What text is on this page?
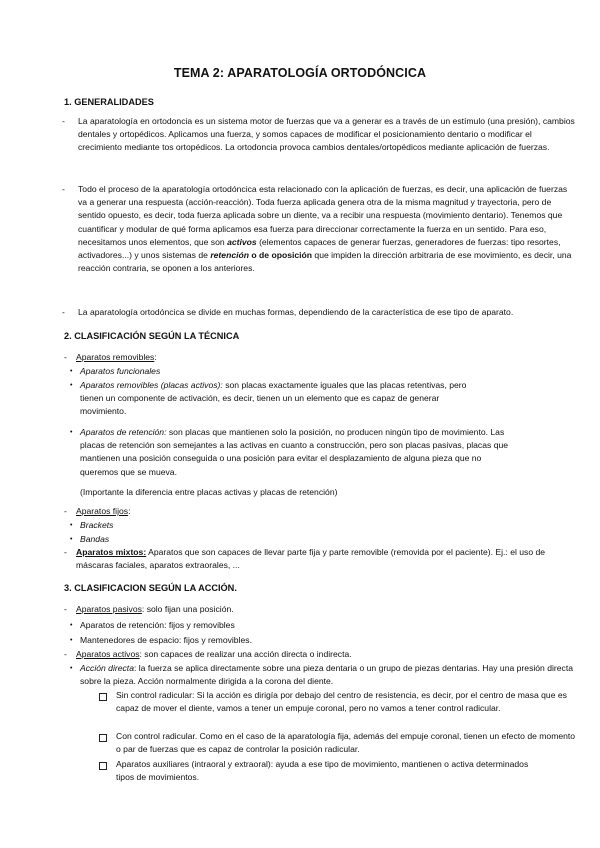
TEMA 2: APARATOLOGÍA ORTODÓNCICA
1. GENERALIDADES
-	La aparatología en ortodoncia es un sistema motor de fuerzas que va a generar es a través de un estímulo (una presión), cambios dentales y ortopédicos. Aplicamos una fuerza, y somos capaces de modificar el posicionamiento dentario o modificar el crecimiento mediante tos ortopédicos. La ortodoncia provoca cambios dentales/ortopédicos mediante aplicación de fuerzas.
-	Todo el proceso de la aparatología ortodóncica esta relacionado con la aplicación de fuerzas, es decir, una aplicación de fuerzas va a generar una respuesta (acción-reacción). Toda fuerza aplicada genera otra de la misma magnitud y trayectoria, pero de sentido opuesto, es decir, toda fuerza aplicada sobre un diente, va a recibir una respuesta (movimiento dentario). Tenemos que cuantificar y modular de qué forma aplicamos esa fuerza para direccionar correctamente la fuerza en un sentido. Para eso, necesitamos unos elementos, que son activos (elementos capaces de generar fuerzas, generadores de fuerzas: tipo resortes, activadores...) y unos sistemas de retención o de oposición que impiden la dirección arbitraria de ese movimiento, es decir, una reacción contraria, se oponen a los anteriores.
-	La aparatología ortodóncica se divide en muchas formas, dependiendo de la característica de ese tipo de aparato.
2. CLASIFICACIÓN SEGÚN LA TÉCNICA
-	Aparatos removibles:
• Aparatos funcionales
• Aparatos removibles (placas activos): son placas exactamente iguales que las placas retentivas, pero tienen un componente de activación, es decir, tienen un un elemento que es capaz de generar movimiento.
• Aparatos de retención: son placas que mantienen solo la posición, no producen ningún tipo de movimiento. Las placas de retención son semejantes a las activas en cuanto a construcción, pero son placas pasivas, placas que mantienen una posición conseguida o una posición para evitar el desplazamiento de alguna pieza que no queremos que se mueva.
(Importante la diferencia entre placas activas y placas de retención)
-	Aparatos fijos:
• Brackets
• Bandas
-	Aparatos mixtos: Aparatos que son capaces de llevar parte fija y parte removible (removida por el paciente). Ej.: el uso de máscaras faciales, aparatos extraorales, ...
3. CLASIFICACION SEGÚN LA ACCIÓN.
-	Aparatos pasivos: solo fijan una posición.
• Aparatos de retención: fijos y removibles
• Mantenedores de espacio: fijos y removibles.
-	Aparatos activos: son capaces de realizar una acción directa o indirecta.
• Acción directa: la fuerza se aplica directamente sobre una pieza dentaria o un grupo de piezas dentarias. Hay una presión directa sobre la pieza. Acción normalmente dirigida a la corona del diente.
Sin control radicular: Si la acción es dirigía por debajo del centro de resistencia, es decir, por el centro de masa que es capaz de mover el diente, vamos a tener un empuje coronal, pero no vamos a tener control radicular.
Con control radicular. Como en el caso de la aparatología fija, además del empuje coronal, tienen un efecto de momento o par de fuerzas que es capaz de controlar la posición radicular.
Aparatos auxiliares (intraoral y extraoral): ayuda a ese tipo de movimiento, mantienen o activa determinados tipos de movimientos.
